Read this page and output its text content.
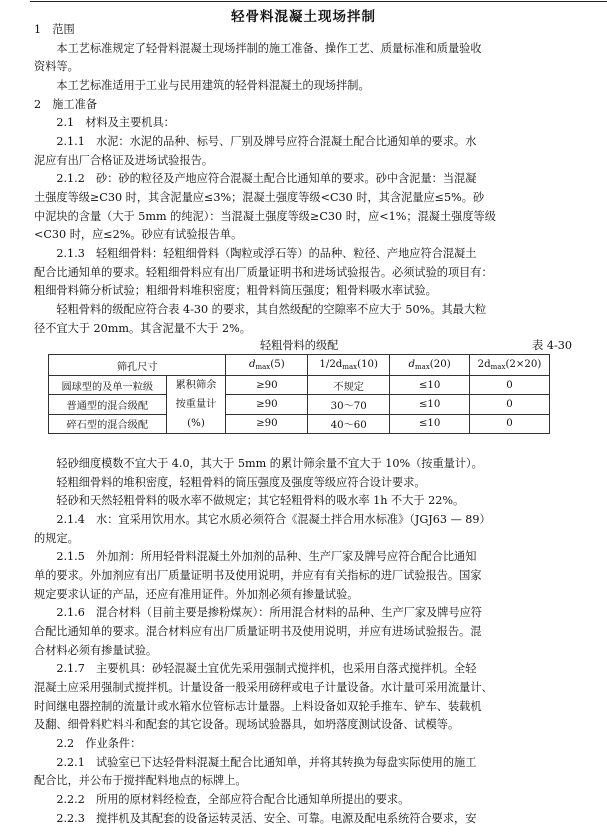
轻骨料混凝土现场拌制
1　范围
　　本工艺标准规定了轻骨料混凝土现场拌制的施工准备、操作工艺、质量标准和质量验收
资料等。
　　本工艺标准适用于工业与民用建筑的轻骨料混凝土的现场拌制。
2　施工准备
　　2.1　材料及主要机具：
　　2.1.1　水泥：水泥的品种、标号、厂别及牌号应符合混凝土配合比通知单的要求。水
泥应有出厂合格证及进场试验报告。
　　2.1.2　砂：砂的粒径及产地应符合混凝土配合比通知单的要求。砂中含泥量：当混凝
土强度等级≥C30 时，其含泥量应≤3%；混凝土强度等级<C30 时，其含泥量应≤5%。砂
中泥块的含量（大于 5mm 的纯泥）：当混凝土强度等级≥C30 时，应<1%；混凝土强度等级
<C30 时，应≤2%。砂应有试验报告单。
　　2.1.3　轻粗细骨料：轻粗细骨料（陶粒或浮石等）的品种、粒径、产地应符合混凝土
配合比通知单的要求。轻粗细骨料应有出厂质量证明书和进场试验报告。必须试验的项目有：
粗细骨料筛分析试验；粗细骨料堆积密度；粗骨料筒压强度；粗骨料吸水率试验。
　　轻粗骨料的级配应符合表 4-30 的要求，其自然级配的空隙率不应大于 50%。其最大粒
径不宜大于 20mm。其含泥量不大于 2%。
轻粗骨料的级配	表 4-30
筛孔尺寸		$d_{max}(5)$	$1/2d_{max}(10)$	$d_{max}(20)$	$2d_{max}(2\times 20)$
圆球型的及单一粒级	累积筛余
按重量计
(%)	≥90	不规定	≤10	0
普通型的混合级配		≥90	30～70	≤10	0
碎石型的混合级配		≥90	40～60	≤10	0
　　轻砂细度模数不宜大于 4.0，其大于 5mm 的累计筛余量不宜大于 10%（按重量计）。
　　轻粗细骨料的堆积密度，轻粗骨料的筒压强度及强度等级应符合设计要求。
　　轻砂和天然轻粗骨料的吸水率不做规定；其它轻粗骨料的吸水率 1h 不大于 22%。
　　2.1.4　水：宜采用饮用水。其它水质必须符合《混凝土拌合用水标准》（JGJ63 — 89）
的规定。
　　2.1.5　外加剂：所用轻骨料混凝土外加剂的品种、生产厂家及牌号应符合配合比通知
单的要求。外加剂应有出厂质量证明书及使用说明，并应有有关指标的进厂试验报告。国家
规定要求认证的产品，还应有准用证件。外加剂必须有掺量试验。
　　2.1.6　混合材料（目前主要是掺粉煤灰）：所用混合材料的品种、生产厂家及牌号应符
合配比通知单的要求。混合材料应有出厂质量证明书及使用说明，并应有进场试验报告。混
合材料必须有掺量试验。
　　2.1.7　主要机具：砂轻混凝土宜优先采用强制式搅拌机，也采用自落式搅拌机。全轻
混凝土应采用强制式搅拌机。计量设备一般采用磅秤或电子计量设备。水计量可采用流量计、
时间继电器控制的流量计或水箱水位管标志计量器。上料设备如双轮手推车、铲车、装载机
及翻、细骨料贮料斗和配套的其它设备。现场试验器具，如坍落度测试设备、试模等。
　　2.2　作业条件：
　　2.2.1　试验室已下达轻骨料混凝土配合比通知单，并将其转换为每盘实际使用的施工
配合比，并公布于搅拌配料地点的标牌上。
　　2.2.2　所用的原材料经检查，全部应符合配合比通知单所提出的要求。
　　2.2.3　搅拌机及其配套的设备运转灵活、安全、可靠。电源及配电系统符合要求，安
